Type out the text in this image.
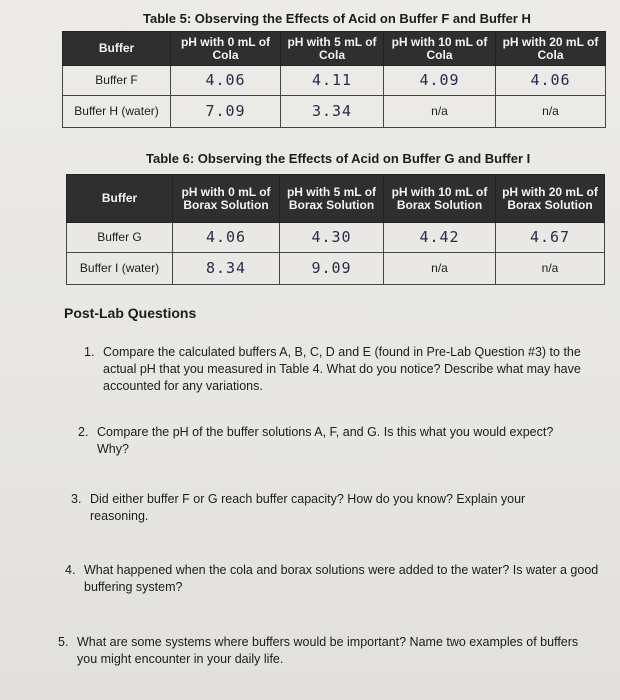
Table 5: Observing the Effects of Acid on Buffer F and Buffer H
Buffer	pH with 0 mL of Cola	pH with 5 mL of Cola	pH with 10 mL of Cola	pH with 20 mL of Cola
Buffer F	4.06	4.11	4.09	4.06
Buffer H (water)	7.09	3.34	n/a	n/a
Table 6: Observing the Effects of Acid on Buffer G and Buffer I
Buffer	pH with 0 mL of Borax Solution	pH with 5 mL of Borax Solution	pH with 10 mL of Borax Solution	pH with 20 mL of Borax Solution
Buffer G	4.06	4.30	4.42	4.67
Buffer I (water)	8.34	9.09	n/a	n/a
Post-Lab Questions
1. Compare the calculated buffers A, B, C, D and E (found in Pre-Lab Question #3) to the actual pH that you measured in Table 4. What do you notice? Describe what may have accounted for any variations.
2. Compare the pH of the buffer solutions A, F, and G. Is this what you would expect? Why?
3. Did either buffer F or G reach buffer capacity? How do you know? Explain your reasoning.
4. What happened when the cola and borax solutions were added to the water? Is water a good buffering system?
5. What are some systems where buffers would be important? Name two examples of buffers you might encounter in your daily life.
